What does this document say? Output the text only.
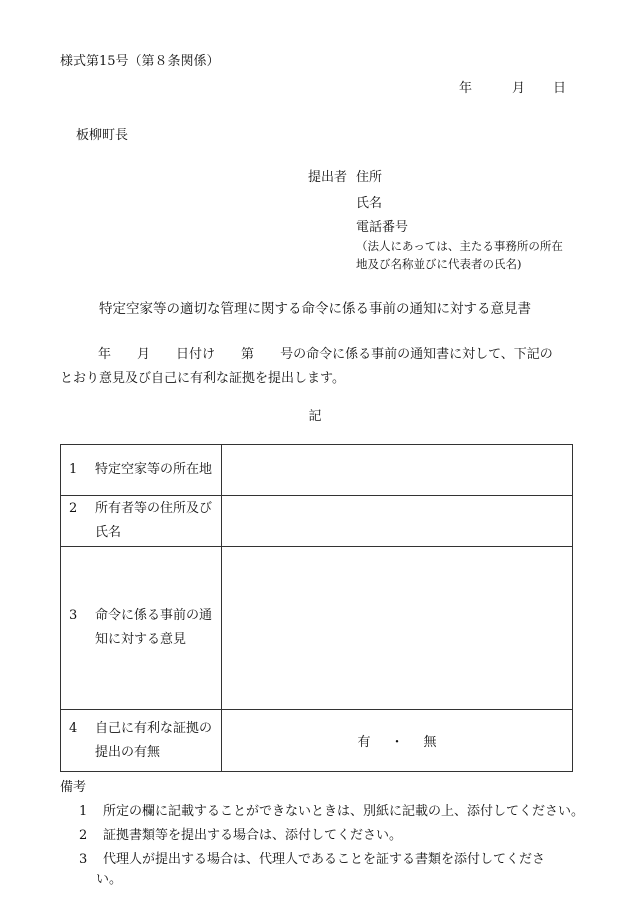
様式第15号（第８条関係）
年	月 日
板柳町長
提出者 住所
氏名
電話番号
（法人にあっては、主たる事務所の所在
地及び名称並びに代表者の氏名)
特定空家等の適切な管理に関する命令に係る事前の通知に対する意見書
年 月 日付け 第 号の命令に係る事前の通知書に対して、下記の
とおり意見及び自己に有利な証拠を提出します。
記
1 特定空家等の所在地	

2 所有者等の住所及び氏名	

3 命令に係る事前の通知に対する意見	

4 自己に有利な証拠の提出の有無	有 ・ 無
備考
1 所定の欄に記載することができないときは、別紙に記載の上、添付してください。
2 証拠書類等を提出する場合は、添付してください。
3 代理人が提出する場合は、代理人であることを証する書類を添付してくださ
い。
